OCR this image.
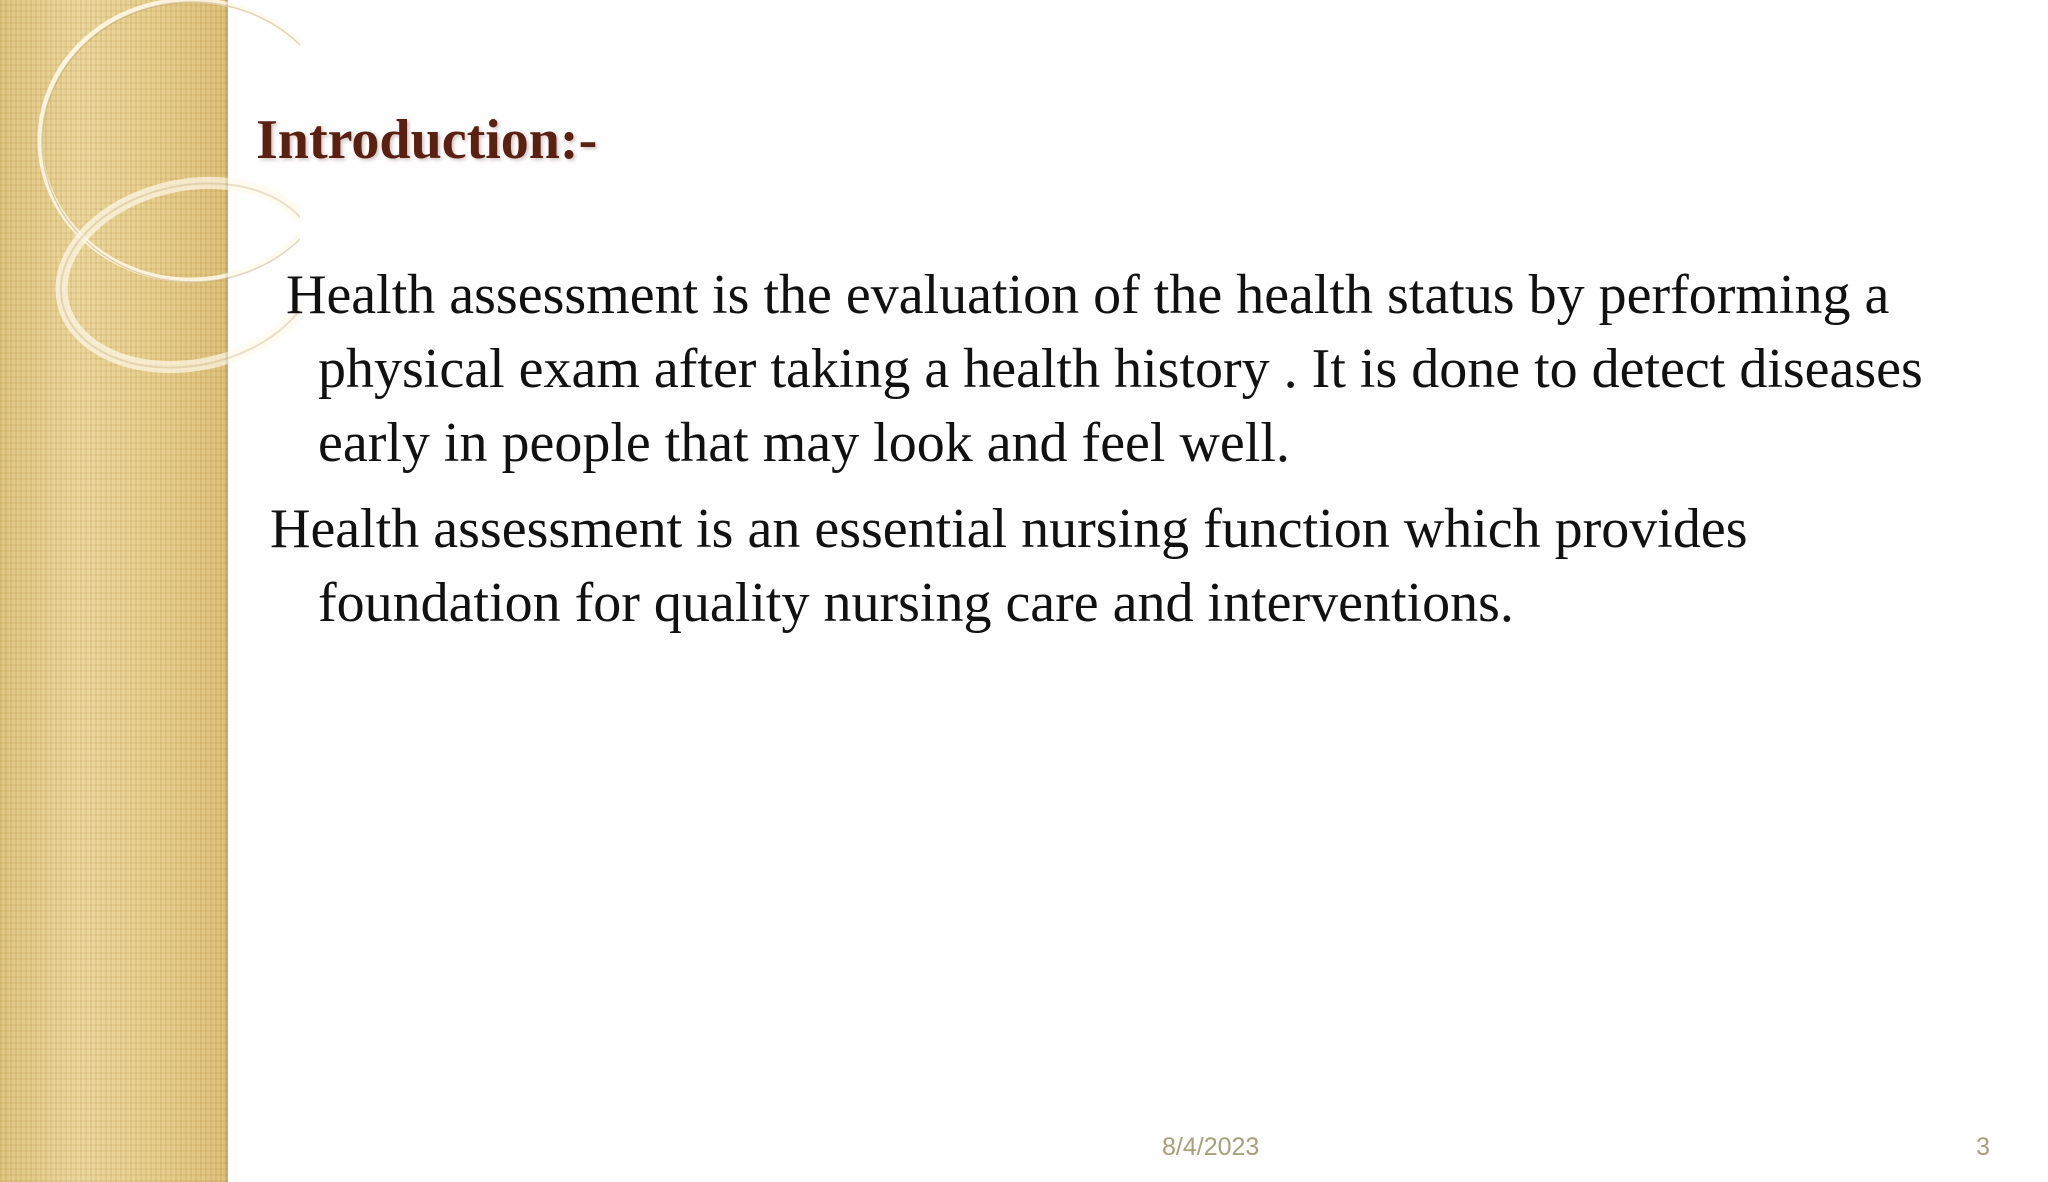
Introduction:-

Health assessment is the evaluation of the health status by performing a physical exam after taking a health history . It is done to detect diseases early in people that may look and feel well.

Health assessment is an essential nursing function which provides foundation for quality nursing care and interventions.

8/4/2023	3
